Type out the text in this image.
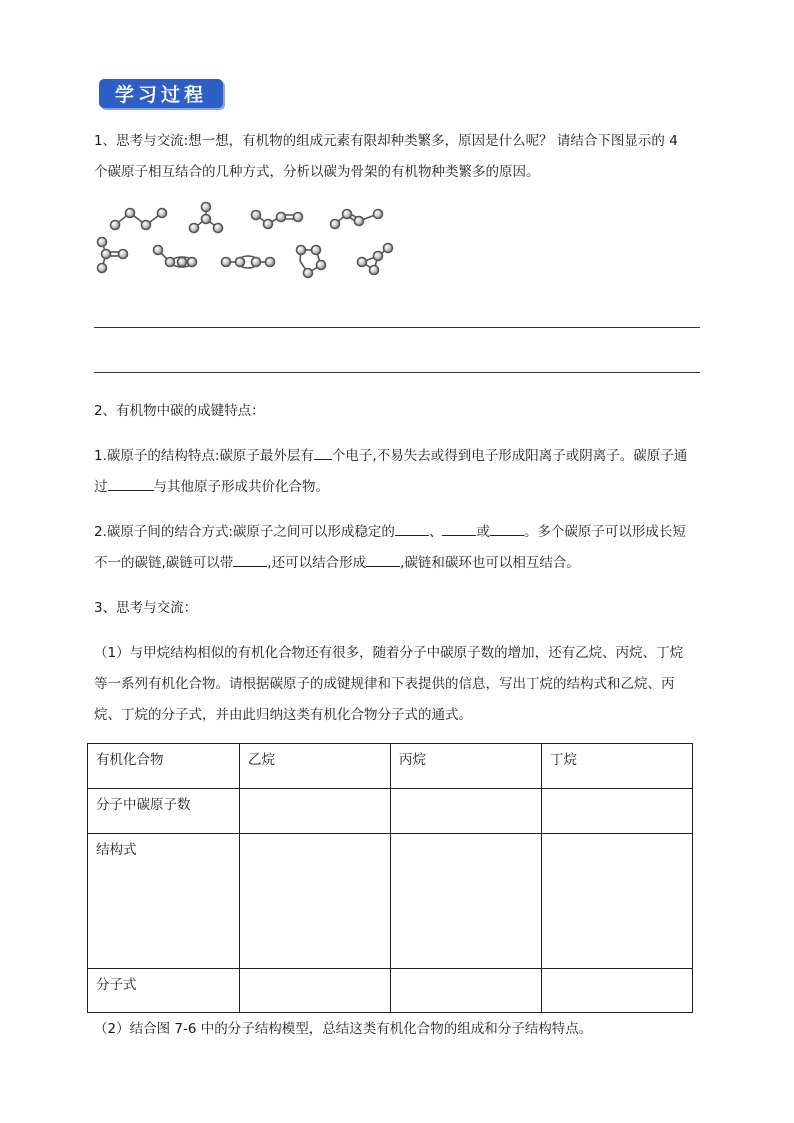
学习过程
1、思考与交流:想一想，有机物的组成元素有限却种类繁多，原因是什么呢？ 请结合下图显示的 4
个碳原子相互结合的几种方式，分析以碳为骨架的有机物种类繁多的原因。
2、有机物中碳的成键特点：
1.碳原子的结构特点:碳原子最外层有 个电子,不易失去或得到电子形成阳离子或阴离子。碳原子通
过	与其他原子形成共价化合物。
2.碳原子间的结合方式:碳原子之间可以形成稳定的	、	或	。多个碳原子可以形成长短
不一的碳链,碳链可以带	,还可以结合形成	,碳链和碳环也可以相互结合。
3、思考与交流：
（1）与甲烷结构相似的有机化合物还有很多，随着分子中碳原子数的增加，还有乙烷、丙烷、丁烷
等一系列有机化合物。请根据碳原子的成键规律和下表提供的信息，写出丁烷的结构式和乙烷、丙
烷、丁烷的分子式，并由此归纳这类有机化合物分子式的通式。
有机化合物	乙烷	丙烷	丁烷
分子中碳原子数			
结构式			
分子式			
（2）结合图 7-6 中的分子结构模型，总结这类有机化合物的组成和分子结构特点。
